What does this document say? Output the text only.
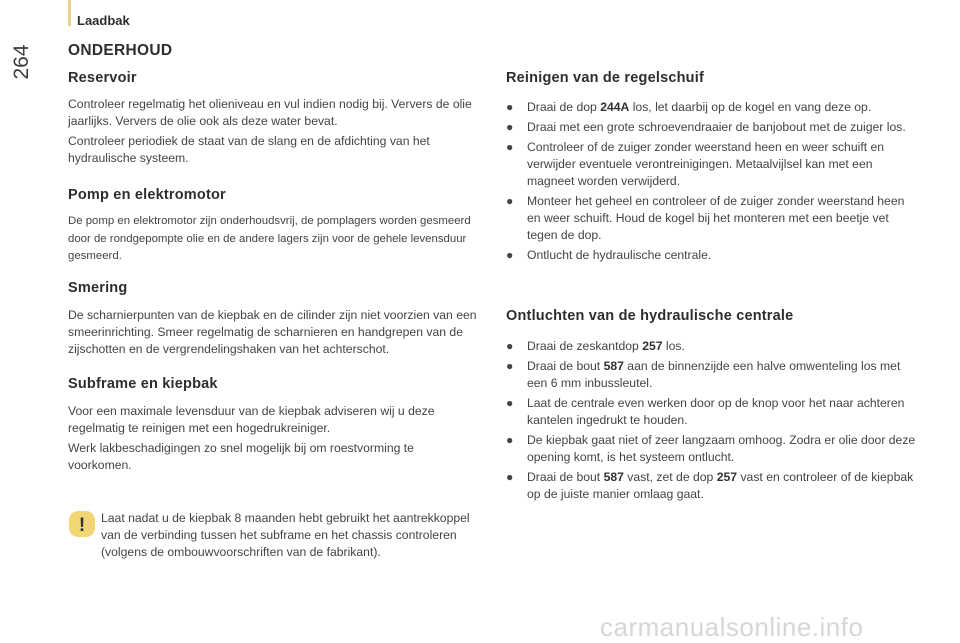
264
Laadbak
ONDERHOUD
Reservoir

Controleer regelmatig het olieniveau en vul indien nodig bij. Ververs de olie jaarlijks. Ververs de olie ook als deze water bevat.

Controleer periodiek de staat van de slang en de afdichting van het hydraulische systeem.

Pomp en elektromotor

De pomp en elektromotor zijn onderhoudsvrij, de pomplagers worden gesmeerd door de rondgepompte olie en de andere lagers zijn voor de gehele levensduur gesmeerd.

Smering

De scharnierpunten van de kiepbak en de cilinder zijn niet voorzien van een smeerinrichting. Smeer regelmatig de scharnieren en handgrepen van de zijschotten en de vergrendelingshaken van het achterschot.

Subframe en kiepbak

Voor een maximale levensduur van de kiepbak adviseren wij u deze regelmatig te reinigen met een hogedrukreiniger.

Werk lakbeschadigingen zo snel mogelijk bij om roestvorming te voorkomen.

! Laat nadat u de kiepbak 8 maanden hebt gebruikt het aantrekkoppel van de verbinding tussen het subframe en het chassis controleren (volgens de ombouwvoorschriften van de fabrikant).
Reinigen van de regelschuif
● Draai de dop 244A los, let daarbij op de kogel en vang deze op.
● Draai met een grote schroevendraaier de banjobout met de zuiger los.
● Controleer of de zuiger zonder weerstand heen en weer schuift en verwijder eventuele verontreinigingen. Metaalvijlsel kan met een magneet worden verwijderd.
● Monteer het geheel en controleer of de zuiger zonder weerstand heen en weer schuift. Houd de kogel bij het monteren met een beetje vet tegen de dop.
● Ontlucht de hydraulische centrale.
Ontluchten van de hydraulische centrale
● Draai de zeskantdop 257 los.
● Draai de bout 587 aan de binnenzijde een halve omwenteling los met een 6 mm inbussleutel.
● Laat de centrale even werken door op de knop voor het naar achteren kantelen ingedrukt te houden.
● De kiepbak gaat niet of zeer langzaam omhoog. Zodra er olie door deze opening komt, is het systeem ontlucht.
● Draai de bout 587 vast, zet de dop 257 vast en controleer of de kiepbak op de juiste manier omlaag gaat.
carmanualsonline.info
